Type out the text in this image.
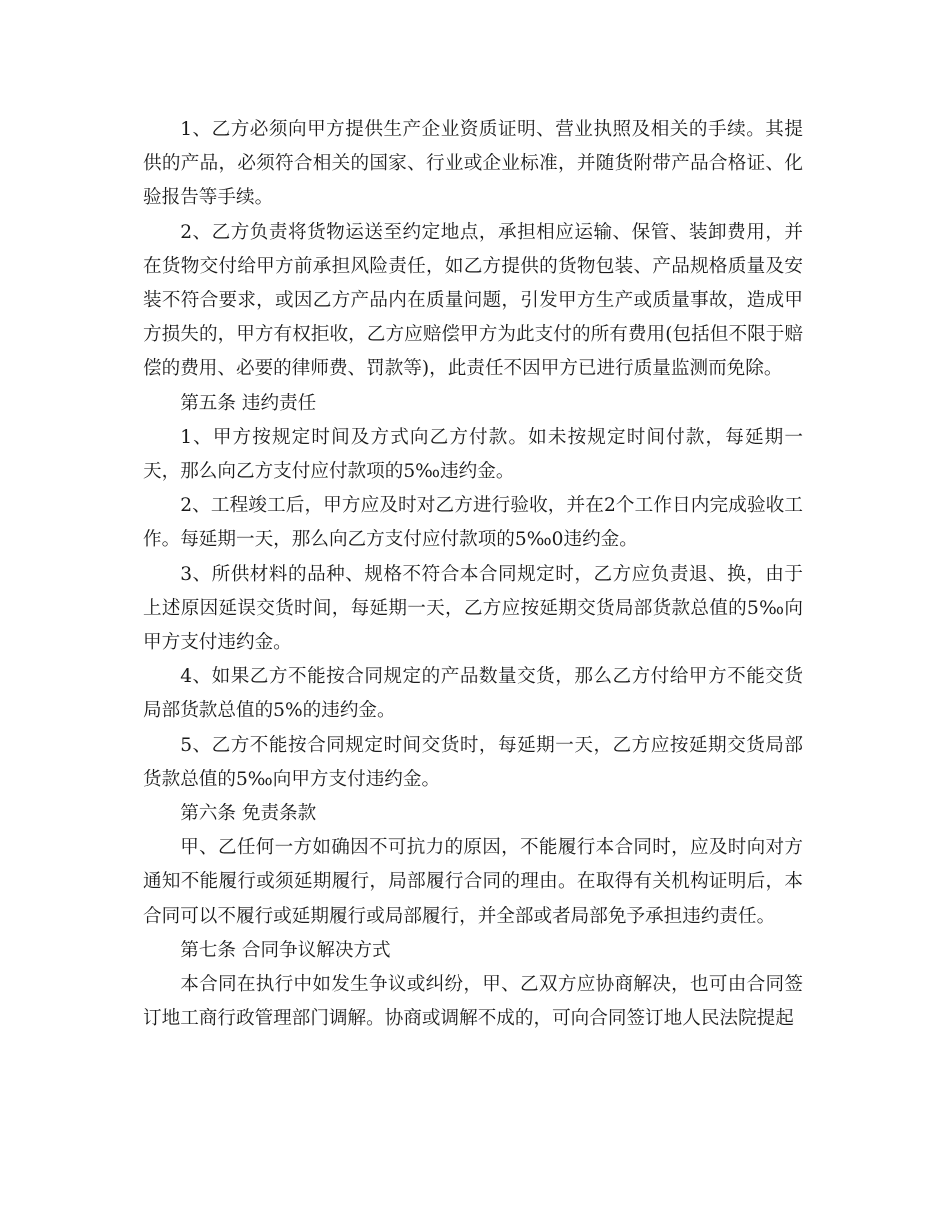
1、乙方必须向甲方提供生产企业资质证明、营业执照及相关的手续。其提供的产品，必须符合相关的国家、行业或企业标准，并随货附带产品合格证、化验报告等手续。

2、乙方负责将货物运送至约定地点，承担相应运输、保管、装卸费用，并在货物交付给甲方前承担风险责任，如乙方提供的货物包装、产品规格质量及安装不符合要求，或因乙方产品内在质量问题，引发甲方生产或质量事故，造成甲方损失的，甲方有权拒收，乙方应赔偿甲方为此支付的所有费用(包括但不限于赔偿的费用、必要的律师费、罚款等)，此责任不因甲方已进行质量监测而免除。

第五条 违约责任

1、甲方按规定时间及方式向乙方付款。如未按规定时间付款，每延期一天，那么向乙方支付应付款项的5‰违约金。

2、工程竣工后，甲方应及时对乙方进行验收，并在2个工作日内完成验收工作。每延期一天，那么向乙方支付应付款项的5‰0违约金。

3、所供材料的品种、规格不符合本合同规定时，乙方应负责退、换，由于上述原因延误交货时间，每延期一天，乙方应按延期交货局部货款总值的5‰向甲方支付违约金。

4、如果乙方不能按合同规定的产品数量交货，那么乙方付给甲方不能交货局部货款总值的5%的违约金。

5、乙方不能按合同规定时间交货时，每延期一天，乙方应按延期交货局部货款总值的5‰向甲方支付违约金。

第六条 免责条款

甲、乙任何一方如确因不可抗力的原因，不能履行本合同时，应及时向对方通知不能履行或须延期履行，局部履行合同的理由。在取得有关机构证明后，本合同可以不履行或延期履行或局部履行，并全部或者局部免予承担违约责任。

第七条 合同争议解决方式

本合同在执行中如发生争议或纠纷，甲、乙双方应协商解决，也可由合同签订地工商行政管理部门调解。协商或调解不成的，可向合同签订地人民法院提起
